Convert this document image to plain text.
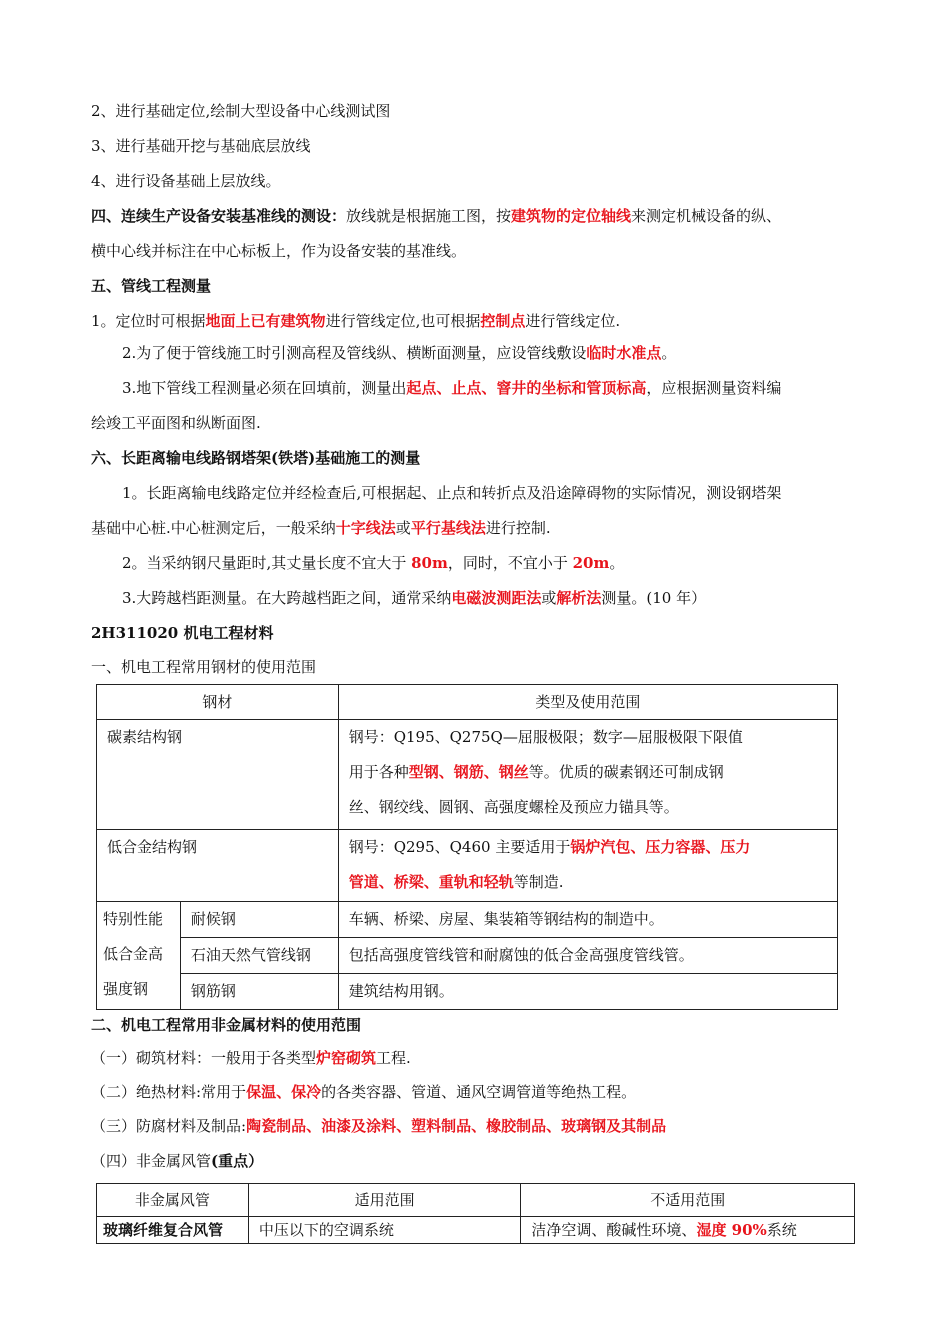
2、进行基础定位,绘制大型设备中心线测试图
3、进行基础开挖与基础底层放线
4、进行设备基础上层放线。
四、连续生产设备安装基准线的测设：放线就是根据施工图，按建筑物的定位轴线来测定机械设备的纵、
横中心线并标注在中心标板上，作为设备安装的基准线。
五、管线工程测量
1。定位时可根据地面上已有建筑物进行管线定位,也可根据控制点进行管线定位.
2.为了便于管线施工时引测高程及管线纵、横断面测量，应设管线敷设临时水准点。
3.地下管线工程测量必须在回填前，测量出起点、止点、窨井的坐标和管顶标高，应根据测量资料编
绘竣工平面图和纵断面图.
六、长距离输电线路钢塔架(铁塔)基础施工的测量
1。长距离输电线路定位并经检查后,可根据起、止点和转折点及沿途障碍物的实际情况，测设钢塔架
基础中心桩.中心桩测定后，一般采纳十字线法或平行基线法进行控制.
2。当采纳钢尺量距时,其丈量长度不宜大于 80m，同时，不宜小于 20m。
3.大跨越档距测量。在大跨越档距之间，通常采纳电磁波测距法或解析法测量。(10 年）
2H311020 机电工程材料
一、机电工程常用钢材的使用范围
钢材		类型及使用范围
碳素结构钢		钢号：Q195、Q275Q—屈服极限；数字—屈服极限下限值
用于各种型钢、钢筋、钢丝等。优质的碳素钢还可制成钢
丝、钢绞线、圆钢、高强度螺栓及预应力锚具等。

低合金结构钢		钢号：Q295、Q460 主要适用于锅炉汽包、压力容器、压力
管道、桥梁、重轨和轻轨等制造.

特别性能
低合金高
强度钢	耐候钢	车辆、桥梁、房屋、集装箱等钢结构的制造中。
	石油天然气管线钢	包括高强度管线管和耐腐蚀的低合金高强度管线管。
	钢筋钢	建筑结构用钢。
二、机电工程常用非金属材料的使用范围
（一）砌筑材料：一般用于各类型炉窑砌筑工程.
（二）绝热材料:常用于保温、保冷的各类容器、管道、通风空调管道等绝热工程。
（三）防腐材料及制品:陶瓷制品、油漆及涂料、塑料制品、橡胶制品、玻璃钢及其制品
（四）非金属风管(重点）
非金属风管	适用范围	不适用范围
玻璃纤维复合风管	中压以下的空调系统	洁净空调、酸碱性环境、湿度 90%系统
